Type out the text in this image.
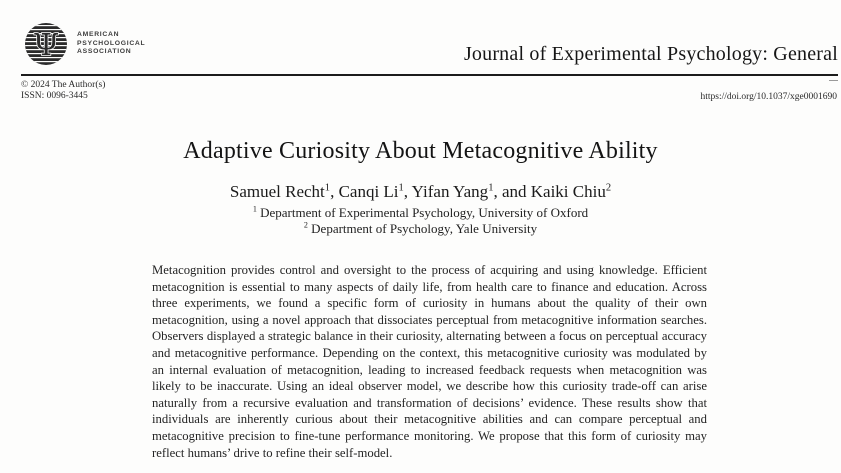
Ψ	AMERICAN
PSYCHOLOGICAL
ASSOCIATION	Journal of Experimental Psychology: General
© 2024 The Author(s)
ISSN: 0096-3445	https://doi.org/10.1037/xge0001690
Adaptive Curiosity About Metacognitive Ability
Samuel Recht$^1$, Canqi Li$^1$, Yifan Yang$^1$, and Kaiki Chiu$^2$
$^1$ Department of Experimental Psychology, University of Oxford
$^2$ Department of Psychology, Yale University

Metacognition provides control and oversight to the process of acquiring and using knowledge. Efficient metacognition is essential to many aspects of daily life, from health care to finance and education. Across three experiments, we found a specific form of curiosity in humans about the quality of their own metacognition, using a novel approach that dissociates perceptual from metacognitive information searches. Observers displayed a strategic balance in their curiosity, alternating between a focus on perceptual accuracy and metacognitive performance. Depending on the context, this metacognitive curiosity was modulated by an internal evaluation of metacognition, leading to increased feedback requests when metacognition was likely to be inaccurate. Using an ideal observer model, we describe how this curiosity trade-off can arise naturally from a recursive evaluation and transformation of decisions’ evidence. These results show that individuals are inherently curious about their metacognitive abilities and can compare perceptual and metacognitive precision to fine-tune performance monitoring. We propose that this form of curiosity may reflect humans’ drive to refine their self-model.
